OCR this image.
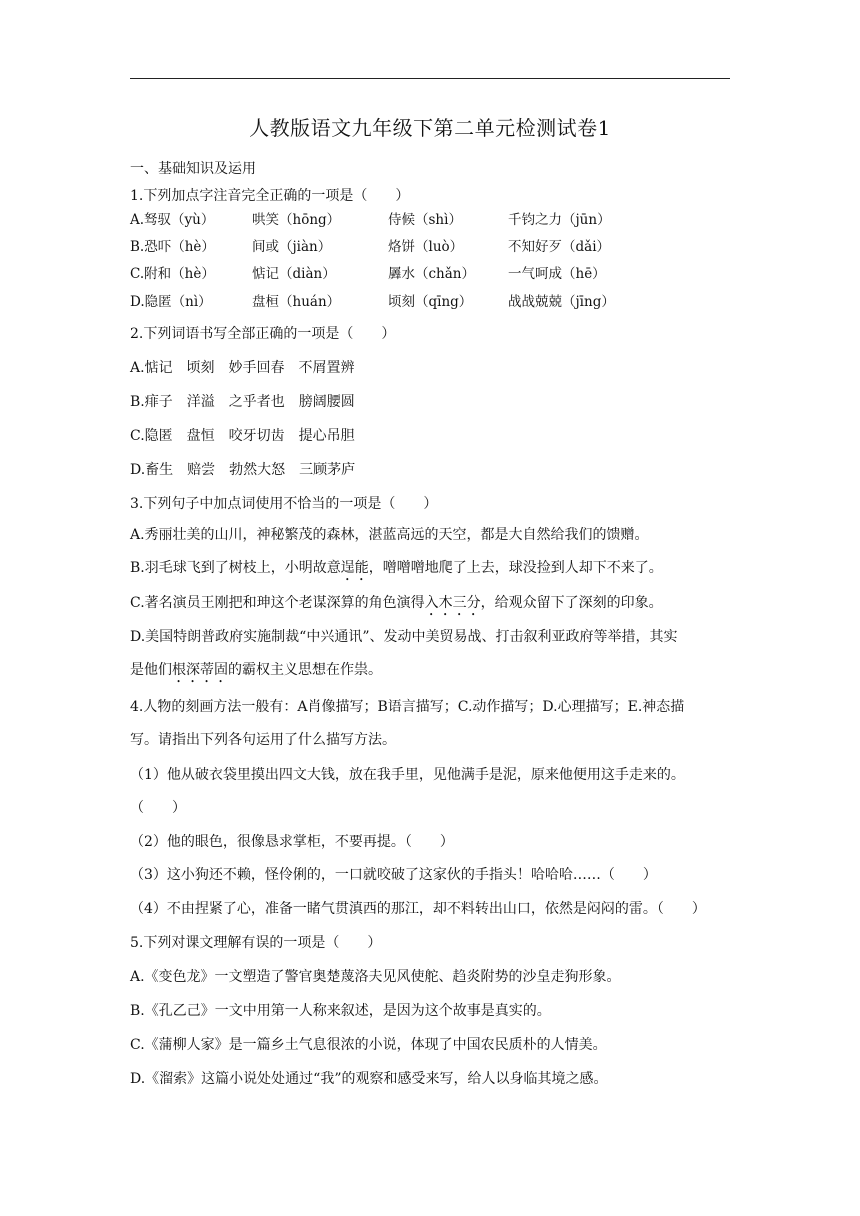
人教版语文九年级下第二单元检测试卷1
一、基础知识及运用
1.下列加点字注音完全正确的一项是（　　）
A.驽驭（yù）	哄笑（hōng）	侍候（shì）	千钧之力（jūn）
B.恐吓（hè）	间或（jiàn）	烙饼（luò）	不知好歹（dǎi）
C.附和（hè）	惦记（diàn）	羼水（chǎn） 一气呵成（hē）
D.隐匿（nì）	盘桓（huán）	顷刻（qīng）	战战兢兢（jīng）
2.下列词语书写全部正确的一项是（　　）
A.惦记　顷刻　妙手回春　不屑置辨
B.痱子　洋溢　之乎者也　膀阔腰圆
C.隐匿　盘恒　咬牙切齿　提心吊胆
D.畜生　赔尝　勃然大怒　三顾茅庐
3.下列句子中加点词使用不恰当的一项是（　　）
A.秀丽壮美的山川，神秘繁茂的森林，湛蓝高远的天空，都是大自然给我们的馈赠。
B.羽毛球飞到了树枝上，小明故意逞能，噌噌噌地爬了上去，球没捡到人却下不来了。
C.著名演员王刚把和珅这个老谋深算的角色演得入木三分，给观众留下了深刻的印象。
D.美国特朗普政府实施制裁“中兴通讯”、发动中美贸易战、打击叙利亚政府等举措，其实
是他们根深蒂固的霸权主义思想在作祟。
4.人物的刻画方法一般有：A肖像描写；B语言描写；C.动作描写；D.心理描写；E.神态描
写。请指出下列各句运用了什么描写方法。
（1）他从破衣袋里摸出四文大钱，放在我手里，见他满手是泥，原来他便用这手走来的。
（　　）
（2）他的眼色，很像恳求掌柜，不要再提。（　　）
（3）这小狗还不赖，怪伶俐的，一口就咬破了这家伙的手指头！哈哈哈……（　　）
（4）不由捏紧了心，准备一睹气贯滇西的那江，却不料转出山口，依然是闷闷的雷。（　　）
5.下列对课文理解有误的一项是（　　）
A.《变色龙》一文塑造了警官奥楚蔑洛夫见风使舵、趋炎附势的沙皇走狗形象。
B.《孔乙己》一文中用第一人称来叙述，是因为这个故事是真实的。
C.《蒲柳人家》是一篇乡土气息很浓的小说，体现了中国农民质朴的人情美。
D.《溜索》这篇小说处处通过“我”的观察和感受来写，给人以身临其境之感。
